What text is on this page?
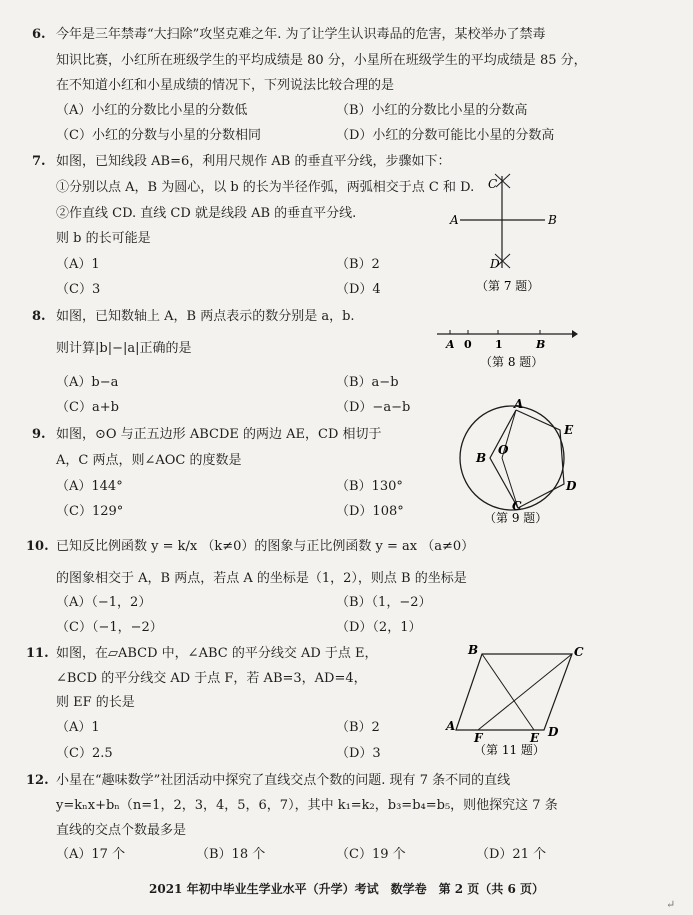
6. 今年是三年禁毒“大扫除”攻坚克难之年. 为了让学生认识毒品的危害，某校举办了禁毒
知识比赛，小红所在班级学生的平均成绩是 80 分，小星所在班级学生的平均成绩是 85 分，
在不知道小红和小星成绩的情况下，下列说法比较合理的是
（A）小红的分数比小星的分数低	（B）小红的分数比小星的分数高
（C）小红的分数与小星的分数相同	（D）小红的分数可能比小星的分数高
7. 如图，已知线段 AB=6，利用尺规作 AB 的垂直平分线，步骤如下：
①分别以点 A，B 为圆心，以 b 的长为半径作弧，两弧相交于点 C 和 D.
②作直线 CD. 直线 CD 就是线段 AB 的垂直平分线.
则 b 的长可能是
（A）1	（B）2
（C）3	（D）4
C
A	B
D
（第 7 题）
8. 如图，已知数轴上 A，B 两点表示的数分别是 a，b.
则计算|b|−|a|正确的是
（A）b−a	（B）a−b
（C）a+b	（D）−a−b
A 0 1	B
（第 8 题）
9. 如图，⊙O 与正五边形 ABCDE 的两边 AE，CD 相切于
A，C 两点，则∠AOC 的度数是
（A）144°	（B）130°
（C）129°	（D）108°
A
E
B
O
C
D
（第 9 题）
10. 已知反比例函数 y = k/x （k≠0）的图象与正比例函数 y = ax （a≠0）
的图象相交于 A，B 两点，若点 A 的坐标是（1，2），则点 B 的坐标是
（A）（−1，2）	（B）（1，−2）
（C）（−1，−2）	（D）（2，1）
11. 如图，在▱ABCD 中，∠ABC 的平分线交 AD 于点 E，
∠BCD 的平分线交 AD 于点 F，若 AB=3，AD=4，
则 EF 的长是
（A）1	（B）2
（C）2.5	（D）3
B	C
A
F	E D
（第 11 题）
12. 小星在“趣味数学”社团活动中探究了直线交点个数的问题. 现有 7 条不同的直线
y=kₙx+bₙ（n=1，2，3，4，5，6，7），其中 k₁=k₂，b₃=b₄=b₅，则他探究这 7 条
直线的交点个数最多是
（A）17 个	（B）18 个	（C）19 个	（D）21 个
2021 年初中毕业生学业水平（升学）考试　数学卷　第 2 页（共 6 页）
↵
